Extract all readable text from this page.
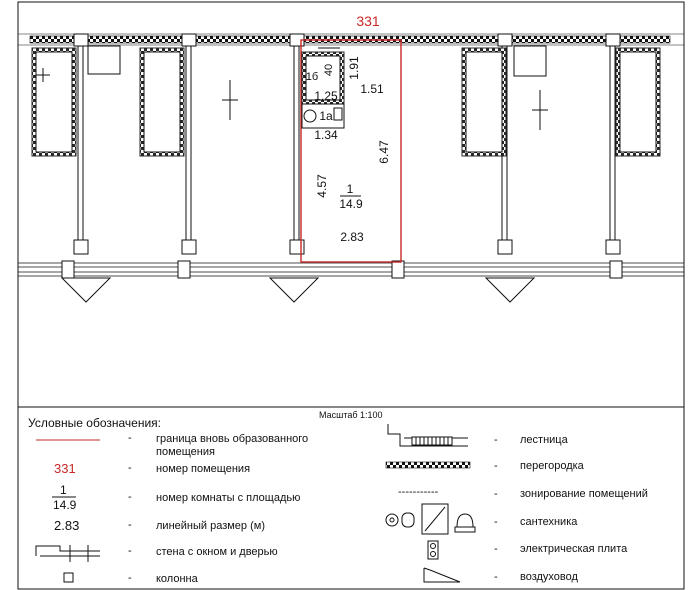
331
1.91
40
1.51
1.25
1.34
6.47
4.57
2.83
1б
1а
1
14.9
Масштаб 1:100
Условные обозначения:
- граница вновь образованного помещения
331	- номер помещения
1
14.9
- номер комнаты с площадью
2.83	- линейный размер (м)
- стена с окном и дверью
- колонна
- лестница
- перегородка
-----------	- зонирование помещений
- сантехника
- электрическая плита
- воздуховод
